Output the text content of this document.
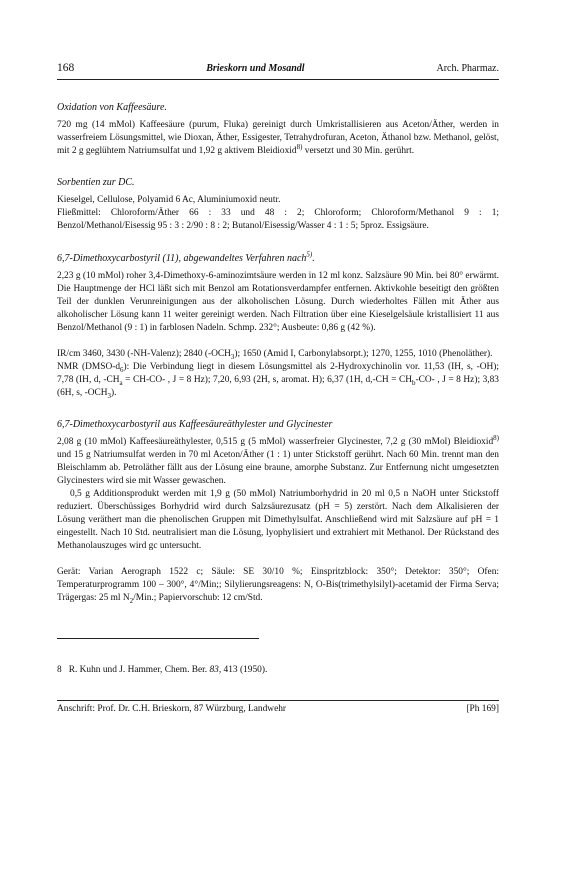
168	Brieskorn und Mosandl	Arch. Pharmaz.
Oxidation von Kaffeesäure.

720 mg (14 mMol) Kaffeesäure (purum, Fluka) gereinigt durch Umkristallisieren aus Aceton/Äther, werden in wasserfreiem Lösungsmittel, wie Dioxan, Äther, Essigester, Tetrahydrofuran, Aceton, Äthanol bzw. Methanol, gelöst, mit 2 g geglühtem Natriumsulfat und 1,92 g aktivem Bleidioxid$^{8)}$ versetzt und 30 Min. gerührt.

Sorbentien zur DC.

Kieselgel, Cellulose, Polyamid 6 Ac, Aluminiumoxid neutr.

Fließmittel: Chloroform/Äther 66 : 33 und 48 : 2; Chloroform; Chloroform/Methanol 9 : 1; Benzol/Methanol/Eisessig 95 : 3 : 2/90 : 8 : 2; Butanol/Eisessig/Wasser 4 : 1 : 5; 5proz. Essigsäure.

6,7-Dimethoxycarbostyril (11), abgewandeltes Verfahren nach$^{5)}$.

2,23 g (10 mMol) roher 3,4-Dimethoxy-6-aminozimtsäure werden in 12 ml konz. Salzsäure 90 Min. bei 80° erwärmt. Die Hauptmenge der HCl läßt sich mit Benzol am Rotationsverdampfer entfernen. Aktivkohle beseitigt den größten Teil der dunklen Verunreinigungen aus der alkoholischen Lösung. Durch wiederholtes Fällen mit Äther aus alkoholischer Lösung kann 11 weiter gereinigt werden. Nach Filtration über eine Kieselgelsäule kristallisiert 11 aus Benzol/Methanol (9 : 1) in farblosen Nadeln. Schmp. 232°; Ausbeute: 0,86 g (42 %).

IR/cm 3460, 3430 (-NH-Valenz); 2840 $(-OCH_3)$; 1650 (Amid I, Carbonylabsorpt.); 1270, 1255, 1010 (Phenoläther).

NMR $(DMSO-d_6)$: Die Verbindung liegt in diesem Lösungsmittel als 2-Hydroxychinolin vor. 11,53 (IH, s, -OH); 7,78 (IH, d, $-CH_a = CH-CO-$ , J = 8 Hz); 7,20, 6,93 (2H, s, aromat. H); 6,37 (1H, $d,-CH = CH_b-CO-$ , J = 8 Hz); 3,83 (6H, s, $-OCH_3$).

6,7-Dimethoxycarbostyril aus Kaffeesäureäthylester und Glycinester

2,08 g (10 mMol) Kaffeesäureäthylester, 0,515 g (5 mMol) wasserfreier Glycinester, 7,2 g (30 mMol) Bleidioxid$^{8)}$ und 15 g Natriumsulfat werden in 70 ml Aceton/Äther (1 : 1) unter Stickstoff gerührt. Nach 60 Min. trennt man den Bleischlamm ab. Petroläther fällt aus der Lösung eine braune, amorphe Substanz. Zur Entfernung nicht umgesetzten Glycinesters wird sie mit Wasser gewaschen.

0,5 g Additionsprodukt werden mit 1,9 g (50 mMol) Natriumborhydrid in 20 ml 0,5 n NaOH unter Stickstoff reduziert. Überschüssiges Borhydrid wird durch Salzsäurezusatz (pH = 5) zerstört. Nach dem Alkalisieren der Lösung veräthert man die phenolischen Gruppen mit Dimethylsulfat. Anschließend wird mit Salzsäure auf pH = 1 eingestellt. Nach 10 Std. neutralisiert man die Lösung, lyophylisiert und extrahiert mit Methanol. Der Rückstand des Methanolauszuges wird gc untersucht.

Gerät: Varian Aerograph 1522 c; Säule: SE 30/10 %; Einspritzblock: 350°; Detektor: 350°; Ofen: Temperaturprogramm 100 – 300°, 4°/Min;; Silylierungsreagens: N, O-Bis(trimethylsilyl)-acetamid der Firma Serva; Trägergas: 25 ml $N_2$/Min.; Papiervorschub: 12 cm/Std.

8 R. Kuhn und J. Hammer, Chem. Ber. 83, 413 (1950).
Anschrift: Prof. Dr. C.H. Brieskorn, 87 Würzburg, Landwehr	[Ph 169]
